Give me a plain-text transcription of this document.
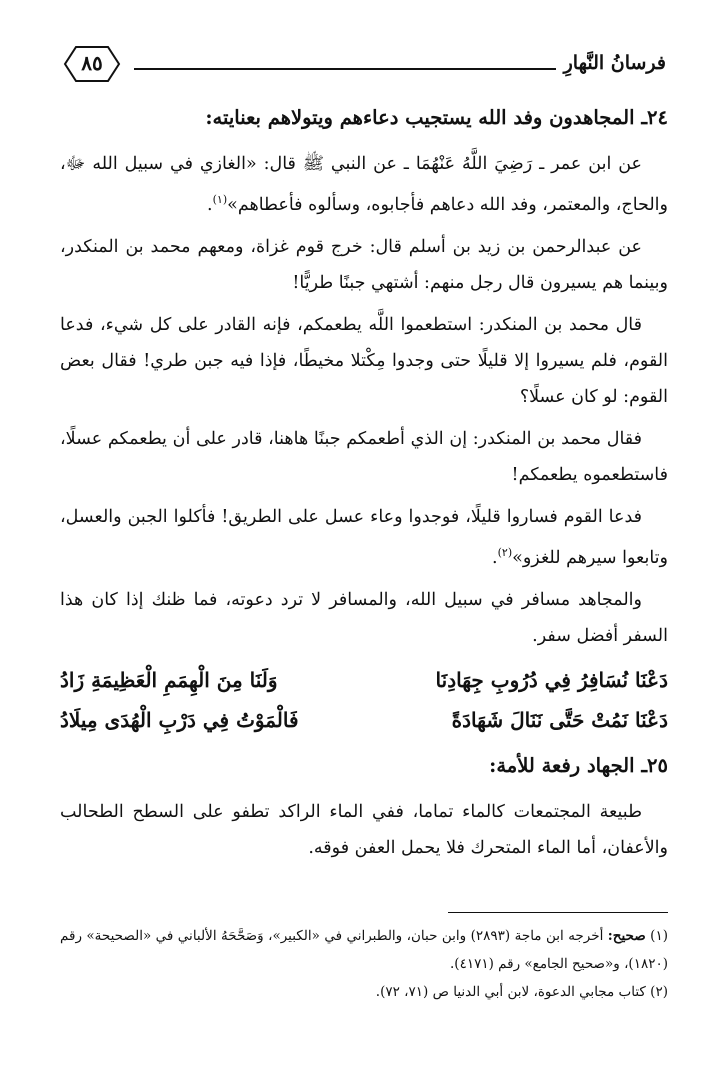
فرسانُ النَّهارِ
٨٥
٢٤ـ المجاهدون وفد الله يستجيب دعاءهم ويتولاهم بعنايته:

عن ابن عمر ـ رَضِيَ اللَّهُ عَنْهُمَا ـ عن النبي ﷺ قال: «الغازي في سبيل الله ﷻ، والحاج، والمعتمر، وفد الله دعاهم فأجابوه، وسألوه فأعطاهم»$^{(١)}$.

عن عبدالرحمن بن زيد بن أسلم قال: خرج قوم غزاة، ومعهم محمد بن المنكدر، وبينما هم يسيرون قال رجل منهم: أشتهي جبنًا طريًّا!

قال محمد بن المنكدر: استطعموا اللَّه يطعمكم، فإنه القادر على كل شيء، فدعا القوم، فلم يسيروا إلا قليلًا حتى وجدوا مِكْتلا مخيطًا، فإذا فيه جبن طري! فقال بعض القوم: لو كان عسلًا؟

فقال محمد بن المنكدر: إن الذي أطعمكم جبنًا هاهنا، قادر على أن يطعمكم عسلًا، فاستطعموه يطعمكم!

فدعا القوم فساروا قليلًا، فوجدوا وعاء عسل على الطريق! فأكلوا الجبن والعسل، وتابعوا سيرهم للغزو»$^{(٢)}$.

والمجاهد مسافر في سبيل الله، والمسافر لا ترد دعوته، فما ظنك إذا كان هذا السفر أفضل سفر.

دَعْنَا نُسَافِرُ فِي دُرُوبِ جِهَادِنَا
وَلَنَا مِنَ الْهِمَمِ الْعَظِيمَةِ زَادُ
دَعْنَا نَمُتْ حَتَّى نَنَالَ شَهَادَةً
فَالْمَوْتُ فِي دَرْبِ الْهُدَى مِيلَادُ
٢٥ـ الجهاد رفعة للأمة:

طبيعة المجتمعات كالماء تماما، ففي الماء الراكد تطفو على السطح الطحالب والأعفان، أما الماء المتحرك فلا يحمل العفن فوقه.

(١) صحيح: أخرجه ابن ماجة (٢٨٩٣) وابن حبان، والطبراني في «الكبير»، وَصَحَّحَهُ الألباني في «الصحيحة» رقم (١٨٢٠)، و«صحيح الجامع» رقم (٤١٧١).

(٢) كتاب مجابي الدعوة، لابن أبي الدنيا ص (٧١، ٧٢).
